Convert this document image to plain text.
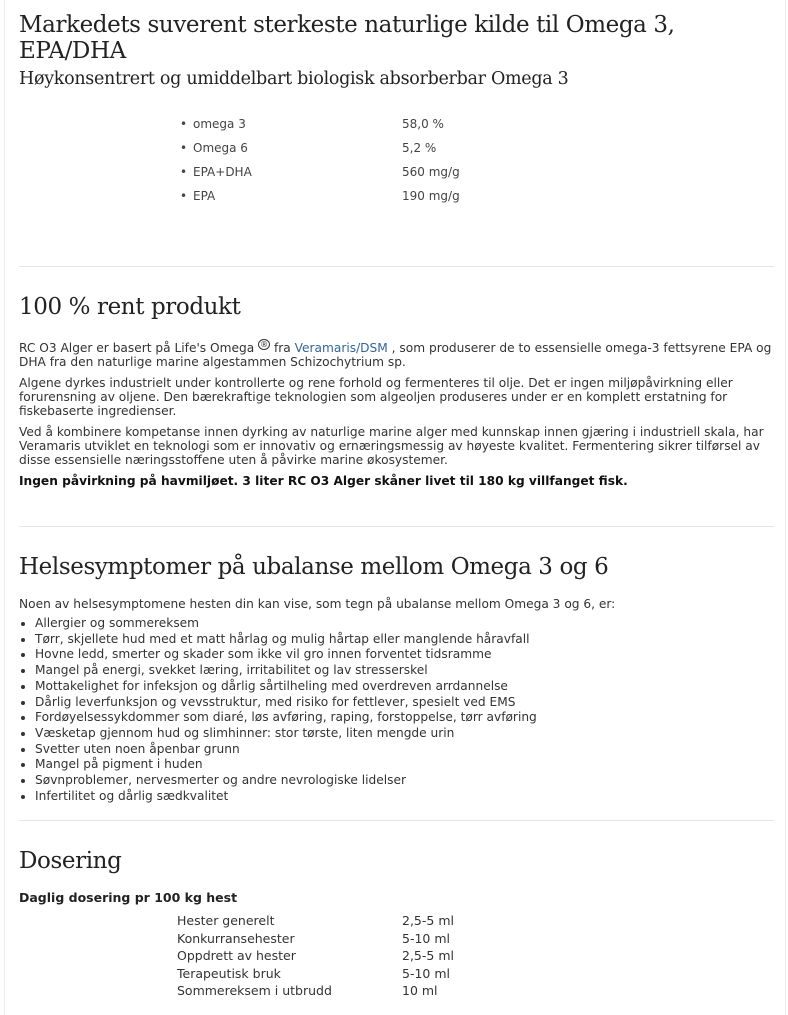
Markedets suverent sterkeste naturlige kilde til Omega 3, EPA/DHA
Høykonsentrert og umiddelbart biologisk absorberbar Omega 3
• omega 3	58,0 %
• Omega 6	5,2 %
• EPA+DHA	560 mg/g
• EPA	190 mg/g
100 % rent produkt

RC O3 Alger er basert på Life's Omega ® fra Veramaris/DSM , som produserer de to essensielle omega-3 fettsyrene EPA og DHA fra den naturlige marine algestammen Schizochytrium sp.

Algene dyrkes industrielt under kontrollerte og rene forhold og fermenteres til olje. Det er ingen miljøpåvirkning eller forurensning av oljene. Den bærekraftige teknologien som algeoljen produseres under er en komplett erstatning for fiskebaserte ingredienser.

Ved å kombinere kompetanse innen dyrking av naturlige marine alger med kunnskap innen gjæring i industriell skala, har Veramaris utviklet en teknologi som er innovativ og ernæringsmessig av høyeste kvalitet. Fermentering sikrer tilførsel av disse essensielle næringsstoffene uten å påvirke marine økosystemer.

Ingen påvirkning på havmiljøet. 3 liter RC O3 Alger skåner livet til 180 kg villfanget fisk.

Helsesymptomer på ubalanse mellom Omega 3 og 6

Noen av helsesymptomene hesten din kan vise, som tegn på ubalanse mellom Omega 3 og 6, er:

• Allergier og sommereksem
• Tørr, skjellete hud med et matt hårlag og mulig hårtap eller manglende håravfall
• Hovne ledd, smerter og skader som ikke vil gro innen forventet tidsramme
• Mangel på energi, svekket læring, irritabilitet og lav stresserskel
• Mottakelighet for infeksjon og dårlig sårtilheling med overdreven arrdannelse
• Dårlig leverfunksjon og vevsstruktur, med risiko for fettlever, spesielt ved EMS
• Fordøyelsessykdommer som diaré, løs avføring, raping, forstoppelse, tørr avføring
• Væsketap gjennom hud og slimhinner: stor tørste, liten mengde urin
• Svetter uten noen åpenbar grunn
• Mangel på pigment i huden
• Søvnproblemer, nervesmerter og andre nevrologiske lidelser
• Infertilitet og dårlig sædkvalitet
Dosering
Daglig dosering pr 100 kg hest
Hester generelt	2,5-5 ml
Konkurransehester	5-10 ml
Oppdrett av hester	2,5-5 ml
Terapeutisk bruk	5-10 ml
Sommereksem i utbrudd	10 ml
